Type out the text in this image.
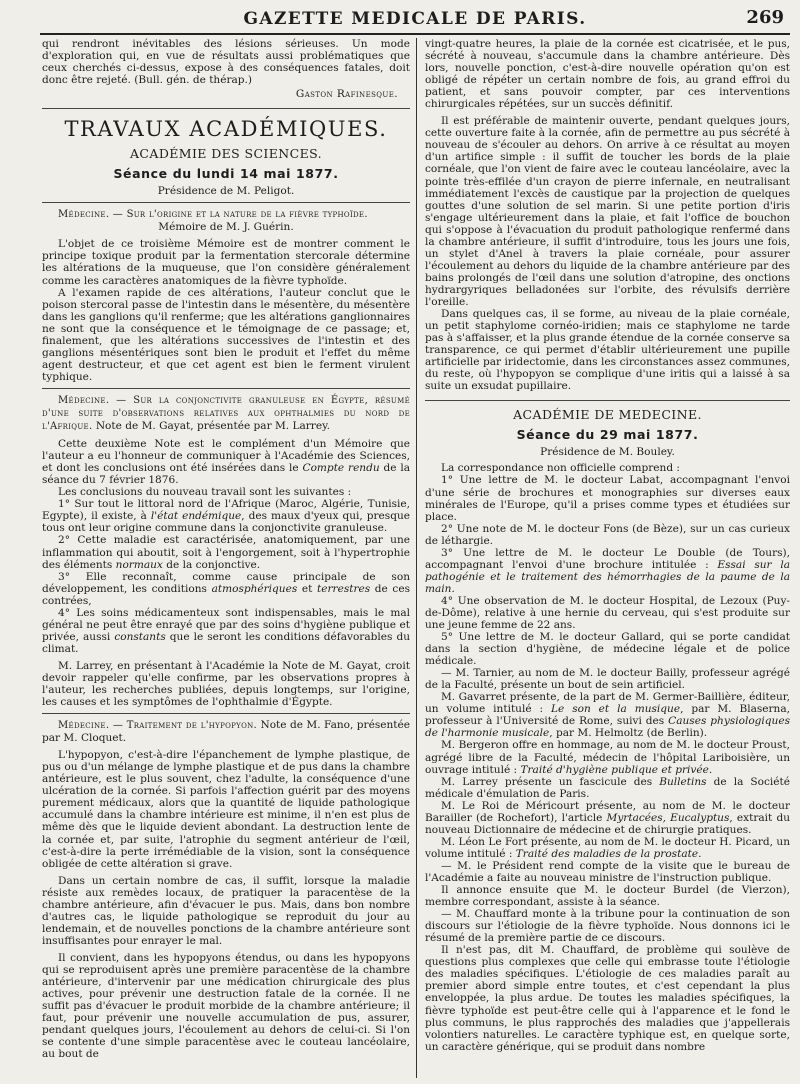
GAZETTE MEDICALE DE PARIS.	269

qui rendront inévitables des lésions sérieuses. Un mode d'exploration qui, en vue de résultats aussi problématiques que ceux cherchés ci-dessus, expose à des conséquences fatales, doit donc être rejeté. (Bull. gén. de thérap.)

Gaston Rafinesque.

TRAVAUX ACADÉMIQUES.
ACADÉMIE DES SCIENCES.
Séance du lundi 14 mai 1877.
Présidence de M. Peligot.

Médecine. — Sur l'origine et la nature de la fièvre typhoïde.

Mémoire de M. J. Guérin.

L'objet de ce troisième Mémoire est de montrer comment le principe toxique produit par la fermentation stercorale détermine les altérations de la muqueuse, que l'on considère généralement comme les caractères anatomiques de la fièvre typhoïde.

A l'examen rapide de ces altérations, l'auteur conclut que le poison stercoral passe de l'intestin dans le mésentère, du mésentère dans les ganglions qu'il renferme; que les altérations ganglionnaires ne sont que la conséquence et le témoignage de ce passage; et, finalement, que les altérations successives de l'intestin et des ganglions mésentériques sont bien le produit et l'effet du même agent destructeur, et que cet agent est bien le ferment virulent typhique.

Médecine. — Sur la conjonctivite granuleuse en Égypte, résumé d'une suite d'observations relatives aux ophthalmies du nord de l'Afrique. Note de M. Gayat, présentée par M. Larrey.

Cette deuxième Note est le complément d'un Mémoire que l'auteur a eu l'honneur de communiquer à l'Académie des Sciences, et dont les conclusions ont été insérées dans le Compte rendu de la séance du 7 février 1876.

Les conclusions du nouveau travail sont les suivantes :

1° Sur tout le littoral nord de l'Afrique (Maroc, Algérie, Tunisie, Egypte), il existe, à l'état endémique, des maux d'yeux qui, presque tous ont leur origine commune dans la conjonctivite granuleuse.

2° Cette maladie est caractérisée, anatomiquement, par une inflammation qui aboutit, soit à l'engorgement, soit à l'hypertrophie des éléments normaux de la conjonctive.

3° Elle reconnaît, comme cause principale de son développement, les conditions atmosphériques et terrestres de ces contrées,

4° Les soins médicamenteux sont indispensables, mais le mal général ne peut être enrayé que par des soins d'hygiène publique et privée, aussi constants que le seront les conditions défavorables du climat.

M. Larrey, en présentant à l'Académie la Note de M. Gayat, croit devoir rappeler qu'elle confirme, par les observations propres à l'auteur, les recherches publiées, depuis longtemps, sur l'origine, les causes et les symptômes de l'ophthalmie d'Égypte.

Médecine. — Traitement de l'hypopyon. Note de M. Fano, présentée par M. Cloquet.

L'hypopyon, c'est-à-dire l'épanchement de lymphe plastique, de pus ou d'un mélange de lymphe plastique et de pus dans la chambre antérieure, est le plus souvent, chez l'adulte, la conséquence d'une ulcération de la cornée. Si parfois l'affection guérit par des moyens purement médicaux, alors que la quantité de liquide pathologique accumulé dans la chambre intérieure est minime, il n'en est plus de même dès que le liquide devient abondant. La destruction lente de la cornée et, par suite, l'atrophie du segment antérieur de l'œil, c'est-à-dire la perte irrémédiable de la vision, sont la conséquence obligée de cette altération si grave.

Dans un certain nombre de cas, il suffit, lorsque la maladie résiste aux remèdes locaux, de pratiquer la paracentèse de la chambre antérieure, afin d'évacuer le pus. Mais, dans bon nombre d'autres cas, le liquide pathologique se reproduit du jour au lendemain, et de nouvelles ponctions de la chambre antérieure sont insuffisantes pour enrayer le mal.

Il convient, dans les hypopyons étendus, ou dans les hypopyons qui se reproduisent après une première paracentèse de la chambre antérieure, d'intervenir par une médication chirurgicale des plus actives, pour prévenir une destruction fatale de la cornée. Il ne suffit pas d'évacuer le produit morbide de la chambre antérieure; il faut, pour prévenir une nouvelle accumulation de pus, assurer, pendant quelques jours, l'écoulement au dehors de celui-ci. Si l'on se contente d'une simple paracentèse avec le couteau lancéolaire, au bout de

vingt-quatre heures, la plaie de la cornée est cicatrisée, et le pus, sécrété à nouveau, s'accumule dans la chambre antérieure. Dès lors, nouvelle ponction, c'est-à-dire nouvelle opération qu'on est obligé de répéter un certain nombre de fois, au grand effroi du patient, et sans pouvoir compter, par ces interventions chirurgicales répétées, sur un succès définitif.

Il est préférable de maintenir ouverte, pendant quelques jours, cette ouverture faite à la cornée, afin de permettre au pus sécrété à nouveau de s'écouler au dehors. On arrive à ce résultat au moyen d'un artifice simple : il suffit de toucher les bords de la plaie cornéale, que l'on vient de faire avec le couteau lancéolaire, avec la pointe très-effilée d'un crayon de pierre infernale, en neutralisant immédiatement l'excès de caustique par la projection de quelques gouttes d'une solution de sel marin. Si une petite portion d'iris s'engage ultérieurement dans la plaie, et fait l'office de bouchon qui s'oppose à l'évacuation du produit pathologique renfermé dans la chambre antérieure, il suffit d'introduire, tous les jours une fois, un stylet d'Anel à travers la plaie cornéale, pour assurer l'écoulement au dehors du liquide de la chambre antérieure par des bains prolongés de l'œil dans une solution d'atropine, des onctions hydrargyriques belladonées sur l'orbite, des révulsifs derrière l'oreille.

Dans quelques cas, il se forme, au niveau de la plaie cornéale, un petit staphylome cornéo-iridien; mais ce staphylome ne tarde pas à s'affaisser, et la plus grande étendue de la cornée conserve sa transparence, ce qui permet d'établir ultérieurement une pupille artificielle par iridectomie, dans les circonstances assez communes, du reste, où l'hypopyon se complique d'une iritis qui a laissé à sa suite un exsudat pupillaire.

ACADÉMIE DE MEDECINE.
Séance du 29 mai 1877.
Présidence de M. Bouley.

La correspondance non officielle comprend :

1° Une lettre de M. le docteur Labat, accompagnant l'envoi d'une série de brochures et monographies sur diverses eaux minérales de l'Europe, qu'il a prises comme types et étudiées sur place.

2° Une note de M. le docteur Fons (de Bèze), sur un cas curieux de léthargie.

3° Une lettre de M. le docteur Le Double (de Tours), accompagnant l'envoi d'une brochure intitulée : Essai sur la pathogénie et le traitement des hémorrhagies de la paume de la main.

4° Une observation de M. le docteur Hospital, de Lezoux (Puy-de-Dôme), relative à une hernie du cerveau, qui s'est produite sur une jeune femme de 22 ans.

5° Une lettre de M. le docteur Gallard, qui se porte candidat dans la section d'hygiène, de médecine légale et de police médicale.

— M. Tarnier, au nom de M. le docteur Bailly, professeur agrégé de la Faculté, présente un bout de sein artificiel.

M. Gavarret présente, de la part de M. Germer-Baillière, éditeur, un volume intitulé : Le son et la musique, par M. Blaserna, professeur à l'Université de Rome, suivi des Causes physiologiques de l'harmonie musicale, par M. Helmoltz (de Berlin).

M. Bergeron offre en hommage, au nom de M. le docteur Proust, agrégé libre de la Faculté, médecin de l'hôpital Lariboisière, un ouvrage intitulé : Traité d'hygiène publique et privée.

M. Larrey présente un fascicule des Bulletins de la Société médicale d'émulation de Paris.

M. Le Roi de Méricourt présente, au nom de M. le docteur Barailler (de Rochefort), l'article Myrtacées, Eucalyptus, extrait du nouveau Dictionnaire de médecine et de chirurgie pratiques.

M. Léon Le Fort présente, au nom de M. le docteur H. Picard, un volume intitulé : Traité des maladies de la prostate.

— M. le Président rend compte de la visite que le bureau de l'Académie a faite au nouveau ministre de l'instruction publique.

Il annonce ensuite que M. le docteur Burdel (de Vierzon), membre correspondant, assiste à la séance.

— M. Chauffard monte à la tribune pour la continuation de son discours sur l'étiologie de la fièvre typhoïde. Nous donnons ici le résumé de la première partie de ce discours.

Il n'est pas, dit M. Chauffard, de problème qui soulève de questions plus complexes que celle qui embrasse toute l'étiologie des maladies spécifiques. L'étiologie de ces maladies paraît au premier abord simple entre toutes, et c'est cependant la plus enveloppée, la plus ardue. De toutes les maladies spécifiques, la fièvre typhoïde est peut-être celle qui à l'apparence et le fond le plus communs, le plus rapprochés des maladies que j'appellerais volontiers naturelles. Le caractère typhique est, en quelque sorte, un caractère générique, qui se produit dans nombre
